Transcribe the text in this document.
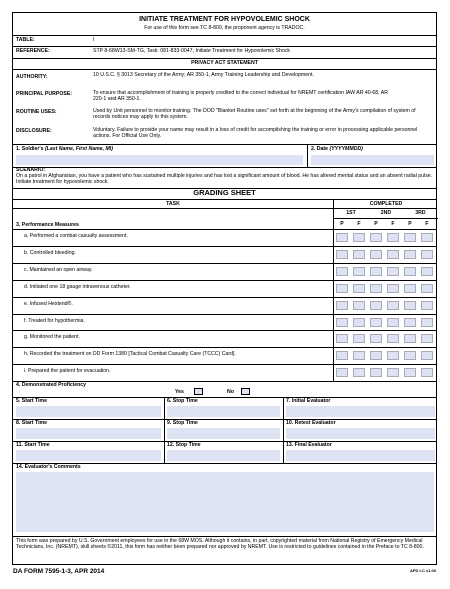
INITIATE TREATMENT FOR HYPOVOLEMIC SHOCK
For use of this form see TC 8-800, the proponent agency is TRADOC.
TABLE:	I
REFERENCE:	STP 8-68W13-SM-TG, Task: 081-833-0047, Initiate Treatment for Hypovolemic Shock
PRIVACY ACT STATEMENT
AUTHORITY:	10 U.S.C. § 3013 Secretary of the Army; AR 350-1, Army Training Leadership and Development.
PRINCIPAL PURPOSE:	To ensure that accomplishment of training is properly credited to the correct individual for NREMT certification IAW AR 40-68, AR 220-1 and AR 350-1.
ROUTINE USES:	Used by Unit personnel to monitor training. The DOD "Blanket Routine uses" set forth at the beginning of the Army's compilation of system of records notices may apply to this system.
DISCLOSURE:	Voluntary. Failure to provide your name may result in a loss of credit for accomplishing the training or error in processing applicable personnel actions. For Official Use Only.
1. Soldier's (Last Name, First Name, MI)	2. Date (YYYYMMDD)
SCENARIO:
On a patrol in Afghanistan, you have a patient who has sustained multiple injuries and has lost a significant amount of blood. He has altered mental status and an absent radial pulse. Initiate treatment for hypovolemic shock.
GRADING SHEET
TASK	COMPLETED
1ST	2ND	3RD
3. Performance Measures	P	F	P	F	P	F
a. Performed a combat casualty assessment.
b. Controlled bleeding.
c. Maintained an open airway.
d. Initiated one 18 gauge intravenous catheter.
e. Infused Hextend®.
f. Treated for hypothermia.
g. Monitored the patient.
h. Recorded the treatment on DD Form 1380 [Tactical Combat Casualty Care (TCCC) Card].
i. Prepared the patient for evacuation.
4. Demonstrated Proficiency
Yes	No
5. Start Time	6. Stop Time	7. Initial Evaluator
8. Start Time	9. Stop Time	10. Retest Evaluator
11. Start Time	12. Stop Time	13. Final Evaluator
14. Evaluator's Comments
This form was prepared by U.S. Government employees for use in the 68W MOS. Although it contains, in part, copyrighted material from National Registry of Emergency Medical Technicians, Inc. (NREMT), skill sheets ©2011, this form has neither been prepared nor approved by NREMT. Use is restricted to guidelines contained in the Preface to TC 8-800.
DA FORM 7595-1-3, APR 2014	APD LC v1.00
